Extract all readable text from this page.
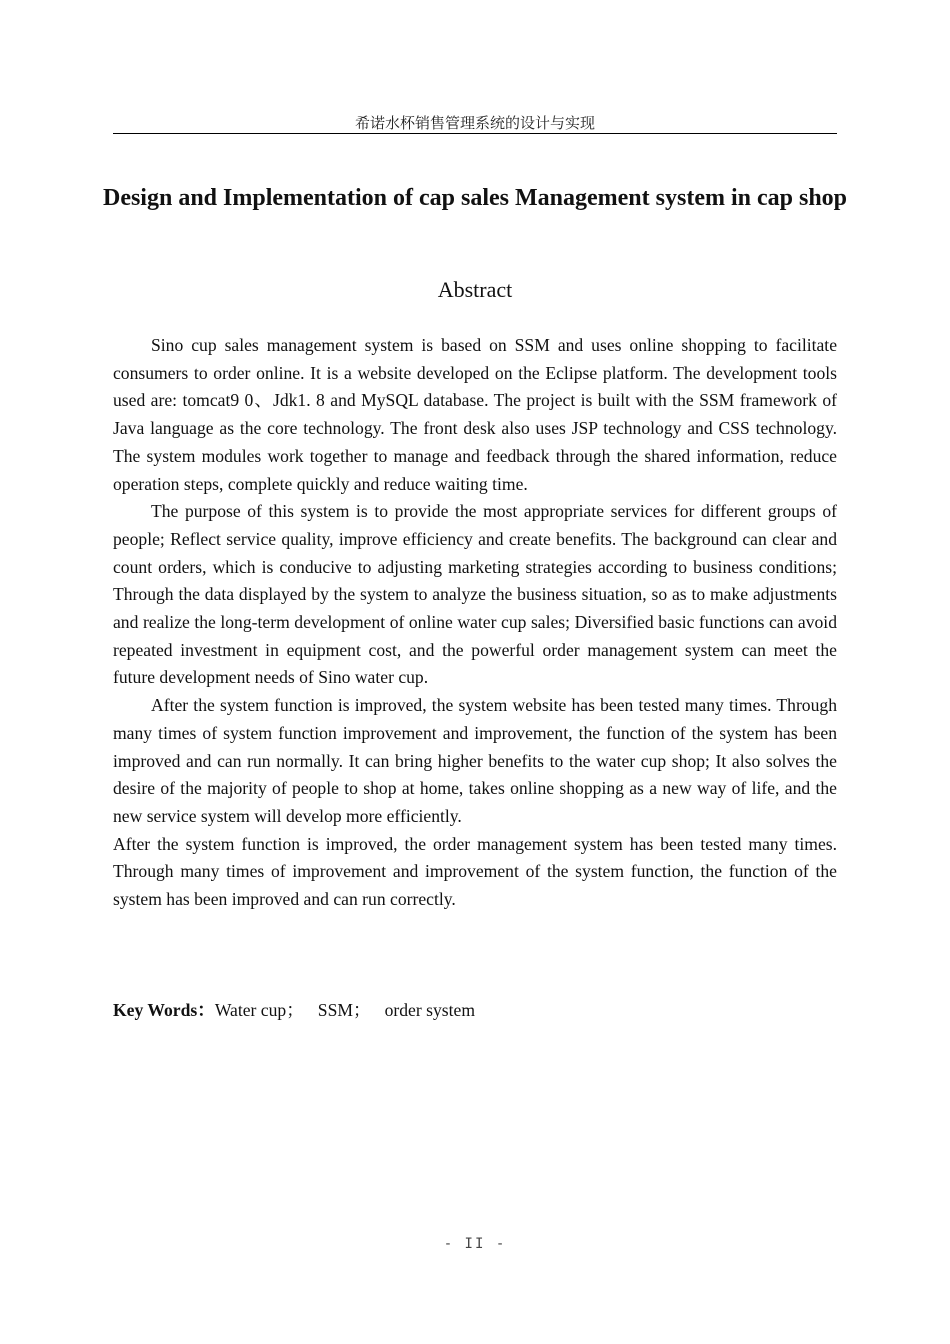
希诺水杯销售管理系统的设计与实现
Design and Implementation of cap sales Management system in cap shop
Abstract

Sino cup sales management system is based on SSM and uses online shopping to facilitate consumers to order online. It is a website developed on the Eclipse platform. The development tools used are: tomcat9 0、Jdk1. 8 and MySQL database. The project is built with the SSM framework of Java language as the core technology. The front desk also uses JSP technology and CSS technology. The system modules work together to manage and feedback through the shared information, reduce operation steps, complete quickly and reduce waiting time.

The purpose of this system is to provide the most appropriate services for different groups of people; Reflect service quality, improve efficiency and create benefits. The background can clear and count orders, which is conducive to adjusting marketing strategies according to business conditions; Through the data displayed by the system to analyze the business situation, so as to make adjustments and realize the long-term development of online water cup sales; Diversified basic functions can avoid repeated investment in equipment cost, and the powerful order management system can meet the future development needs of Sino water cup.

After the system function is improved, the system website has been tested many times. Through many times of system function improvement and improvement, the function of the system has been improved and can run normally. It can bring higher benefits to the water cup shop; It also solves the desire of the majority of people to shop at home, takes online shopping as a new way of life, and the new service system will develop more efficiently.

After the system function is improved, the order management system has been tested many times. Through many times of improvement and improvement of the system function, the function of the system has been improved and can run correctly.

Key Words：Water cup； SSM； order system
- II -
